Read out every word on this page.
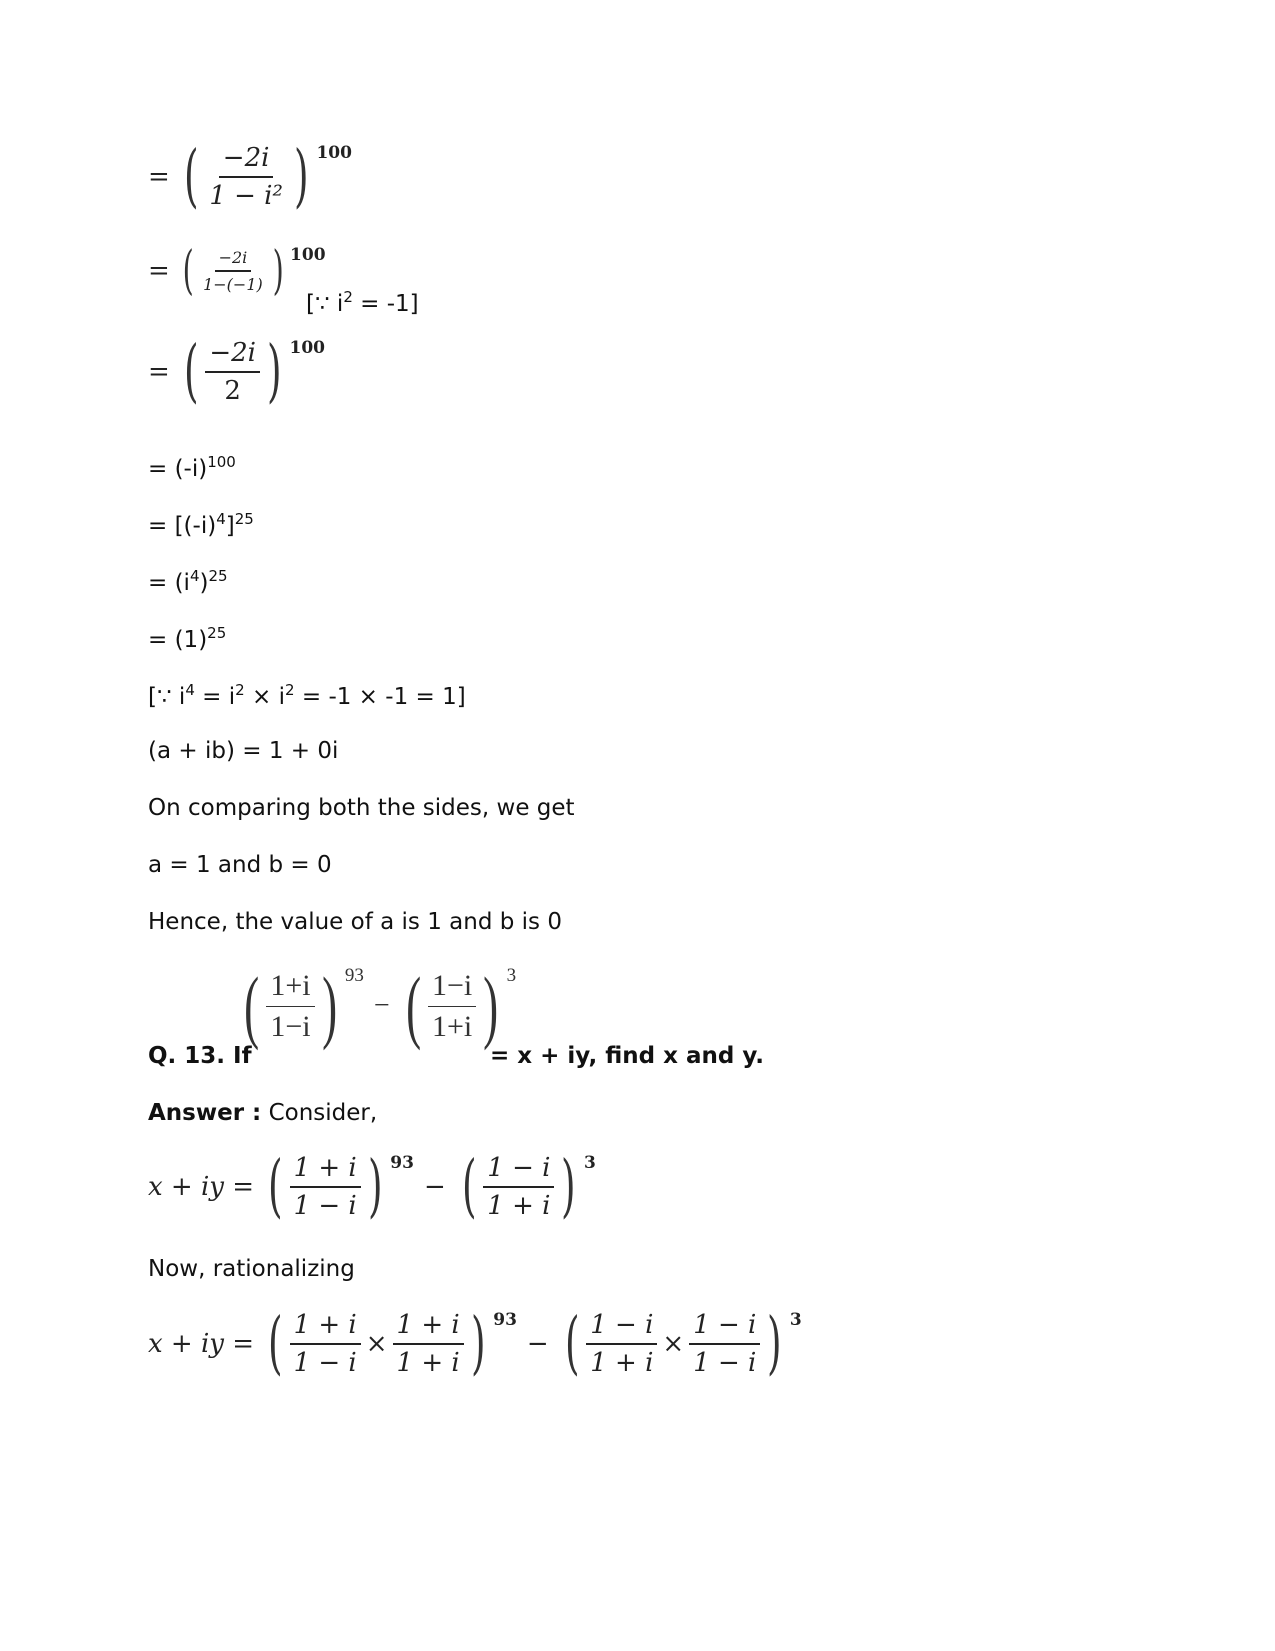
= ( $\frac{-2i}{\text{1 − i²}}$ ) 100
= ( $\frac{-2i}{1-(-1)}$ ) 100
[∵ $i^2 = -1$]
= ( $\frac{-2i}{2}$ ) 100
= $(-i)^{100}$
= $[(-i)^4]^{25}$
= $(i^4)^{25}$
= $(1)^{25}$
[∵ $i^4 = i^2 \times i^2 = -1 \times -1 = 1$]
(a + ib) = 1 + 0i
On comparing both the sides, we get
a = 1 and b = 0
Hence, the value of a is 1 and b is 0
Q. 13. If
( $\frac{1+i}{1-i}$ ) 93
− ( $\frac{1-i}{1+i}$ ) 3
= x + iy, find x and y.
Answer : Consider,
x + iy = ( $\frac{1 + i}{1 - i}$ ) 93
− ( $\frac{1 - i}{1 + i}$ ) 3
Now, rationalizing
x + iy = ( $\frac{1 + i}{1 - i} \times \frac{1 + i}{1 + i}$ ) 93
− ( $\frac{1 - i}{1 + i} \times \frac{1 - i}{1 - i}$ ) 3
